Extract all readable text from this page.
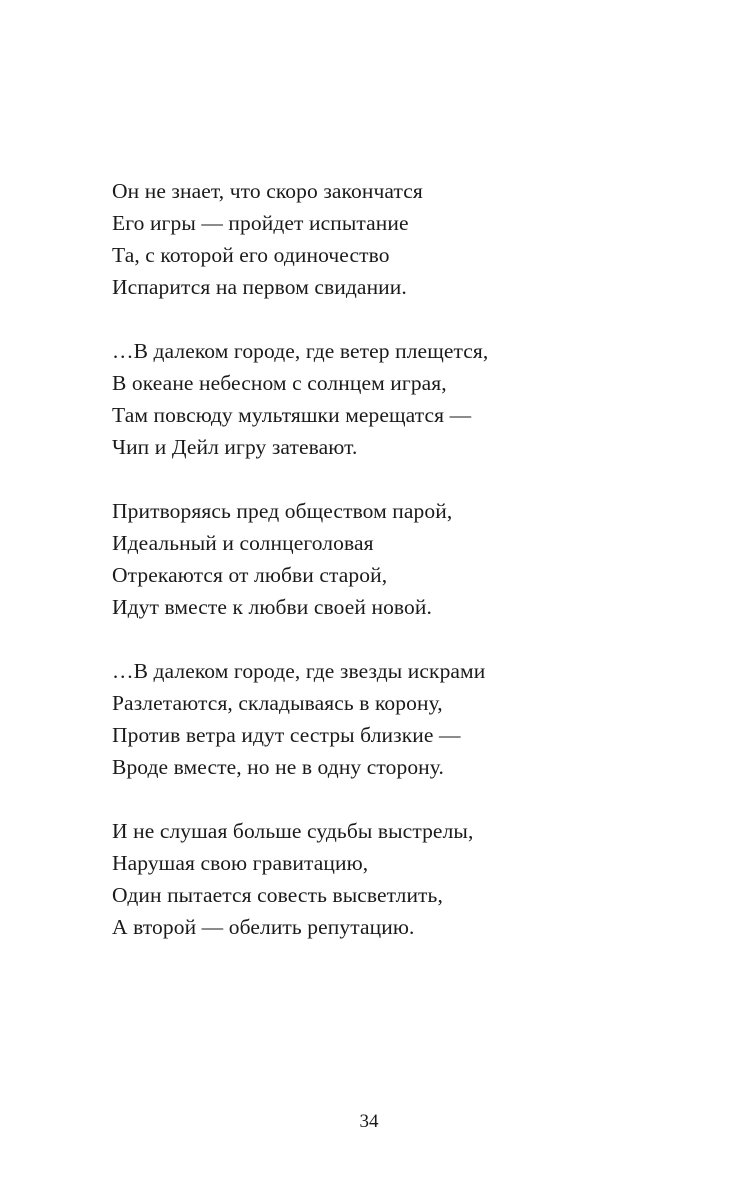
Он не знает, что скоро закончатся
Его игры — пройдет испытание
Та, с которой его одиночество
Испарится на первом свидании.
…В далеком городе, где ветер плещется,
В океане небесном с солнцем играя,
Там повсюду мультяшки мерещатся —
Чип и Дейл игру затевают.
Притворяясь пред обществом парой,
Идеальный и солнцеголовая
Отрекаются от любви старой,
Идут вместе к любви своей новой.
…В далеком городе, где звезды искрами
Разлетаются, складываясь в корону,
Против ветра идут сестры близкие —
Вроде вместе, но не в одну сторону.
И не слушая больше судьбы выстрелы,
Нарушая свою гравитацию,
Один пытается совесть высветлить,
А второй — обелить репутацию.
34
